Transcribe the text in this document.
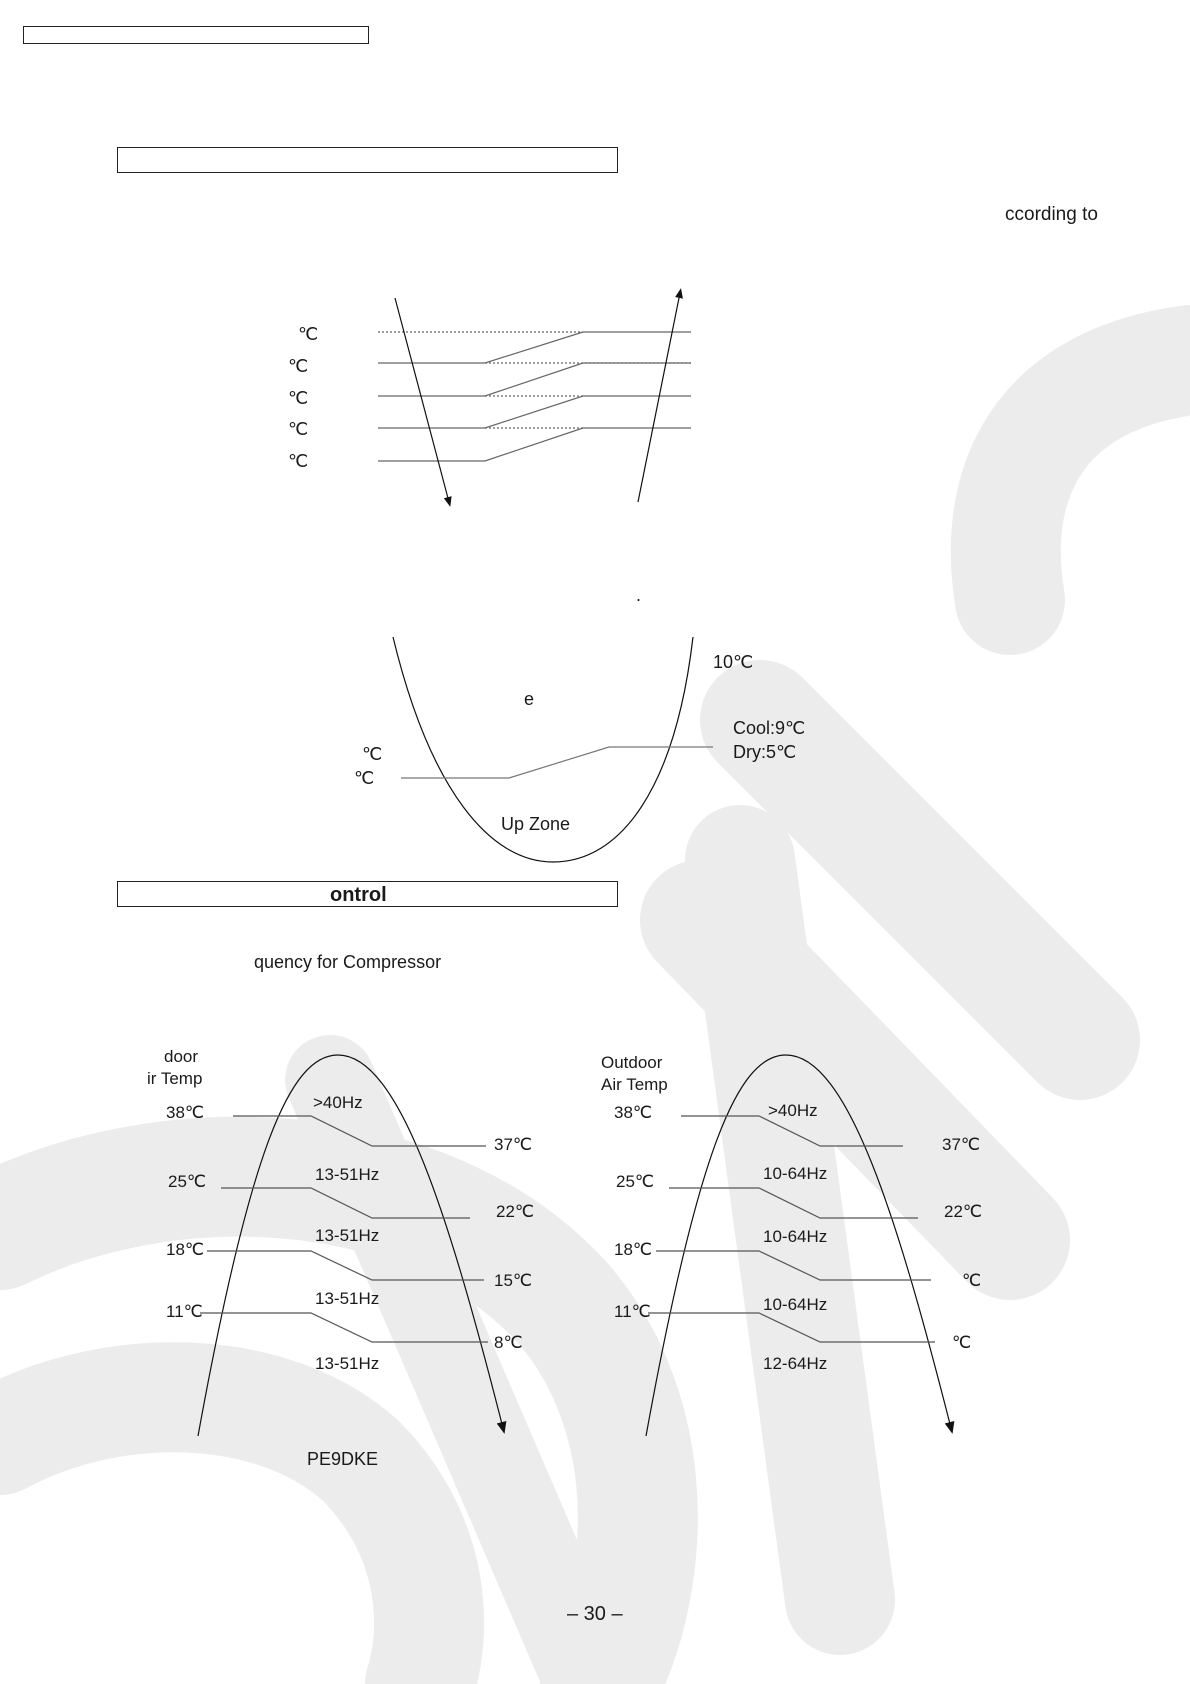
ccording to
℃
℃
℃
℃
℃
.
10℃
e
Cool:9℃
Dry:5℃
℃
℃
Up Zone
ontrol
quency for Compressor
door
ir Temp
38℃
25℃
18℃
11℃
37℃
22℃
15℃
8℃
>40Hz
13-51Hz
13-51Hz
13-51Hz
13-51Hz
PE9DKE
Outdoor
Air Temp
38℃
25℃
18℃
11℃
37℃
22℃
℃
℃
>40Hz
10-64Hz
10-64Hz
10-64Hz
12-64Hz
– 30 –
